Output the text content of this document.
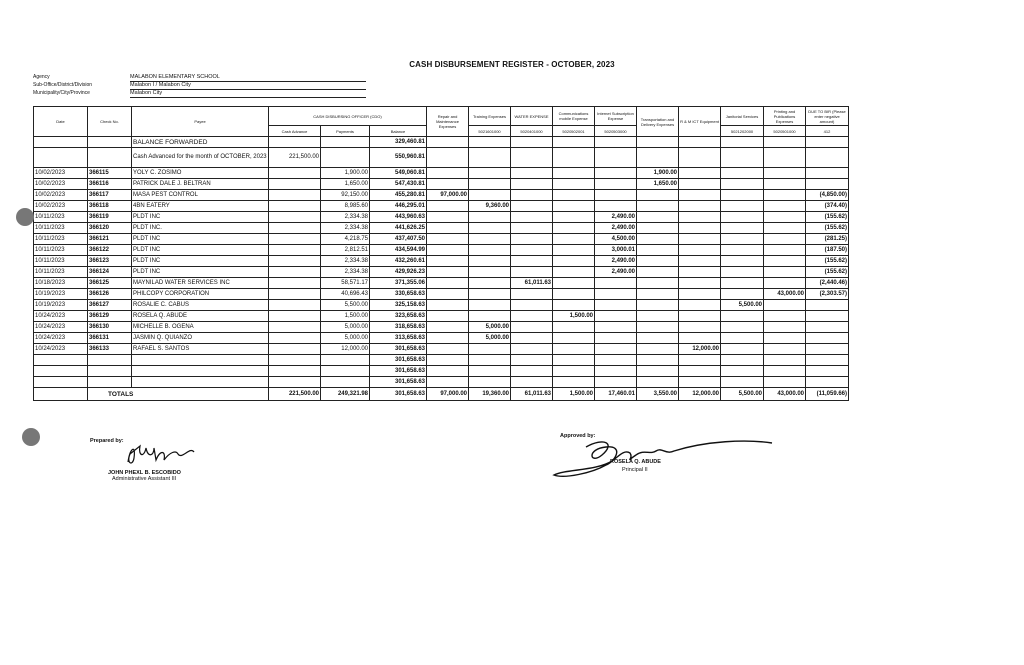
CASH DISBURSEMENT REGISTER - OCTOBER, 2023
Agency	MALABON ELEMENTARY SCHOOL
Sub-Office/District/Division	Malabon I / Malabon City
Municipality/City/Province	Malabon City
Date	Check No.	Payee	CASH DISBURSING OFFICER (CDO)			Repair and Maintenance Expenses	Training Expenses	WATER EXPENSE	Communications mobile Expense	Internet Subscription Expense	Transportation and Delivery Expenses	R & M ICT Equipment	Janitorial Services	Printing and Publications Expenses	DUE TO BIR (Please enter negative amount)
			Cash Advance	Payments	Balance		5021601000	5020401000	5020502001	5020503000			5021202000	5020501000	412
		BALANCE FORWARDED			329,460.81										
		Cash Advanced for the month of OCTOBER, 2023	221,500.00		550,960.81										
10/02/2023	366115	YOLY C. ZOSIMO		1,900.00	549,060.81						1,900.00				
10/02/2023	366116	PATRICK DALE J. BELTRAN		1,650.00	547,430.81						1,650.00				
10/02/2023	366117	MASA PEST CONTROL		92,150.00	455,280.81	97,000.00									(4,850.00)
10/02/2023	366118	4BN EATERY		8,985.60	446,295.01		9,360.00								(374.40)
10/11/2023	366119	PLDT INC		2,334.38	443,960.63					2,490.00					(155.62)
10/11/2023	366120	PLDT INC.		2,334.38	441,626.25					2,490.00					(155.62)
10/11/2023	366121	PLDT INC		4,218.75	437,407.50					4,500.00					(281.25)
10/11/2023	366122	PLDT INC		2,812.51	434,594.99					3,000.01					(187.50)
10/11/2023	366123	PLDT INC		2,334.38	432,260.61					2,490.00					(155.62)
10/11/2023	366124	PLDT INC		2,334.38	429,926.23					2,490.00					(155.62)
10/18/2023	366125	MAYNILAD WATER SERVICES INC		58,571.17	371,355.06			61,011.63							(2,440.46)
10/19/2023	366126	PHILCOPY CORPORATION		40,696.43	330,658.63									43,000.00	(2,303.57)
10/19/2023	366127	ROSALIE C. CABUS		5,500.00	325,158.63								5,500.00		
10/24/2023	366129	ROSELA Q. ABUDE		1,500.00	323,658.63				1,500.00						
10/24/2023	366130	MICHELLE B. OGENA		5,000.00	318,658.63		5,000.00								
10/24/2023	366131	JASMIN Q. QUIANZO		5,000.00	313,658.63		5,000.00								
10/24/2023	366133	RAFAEL S. SANTOS		12,000.00	301,658.63							12,000.00			
					301,658.63										
					301,658.63										
					301,658.63										
	TOTALS		221,500.00	249,321.98	301,658.63	97,000.00	19,360.00	61,011.63	1,500.00	17,460.01	3,550.00	12,000.00	5,500.00	43,000.00	(11,059.66)
Prepared by:
JOHN PHEXL B. ESCOBIDO
Administrative Assistant III
Approved by:
ROSELA Q. ABUDE
Principal II
